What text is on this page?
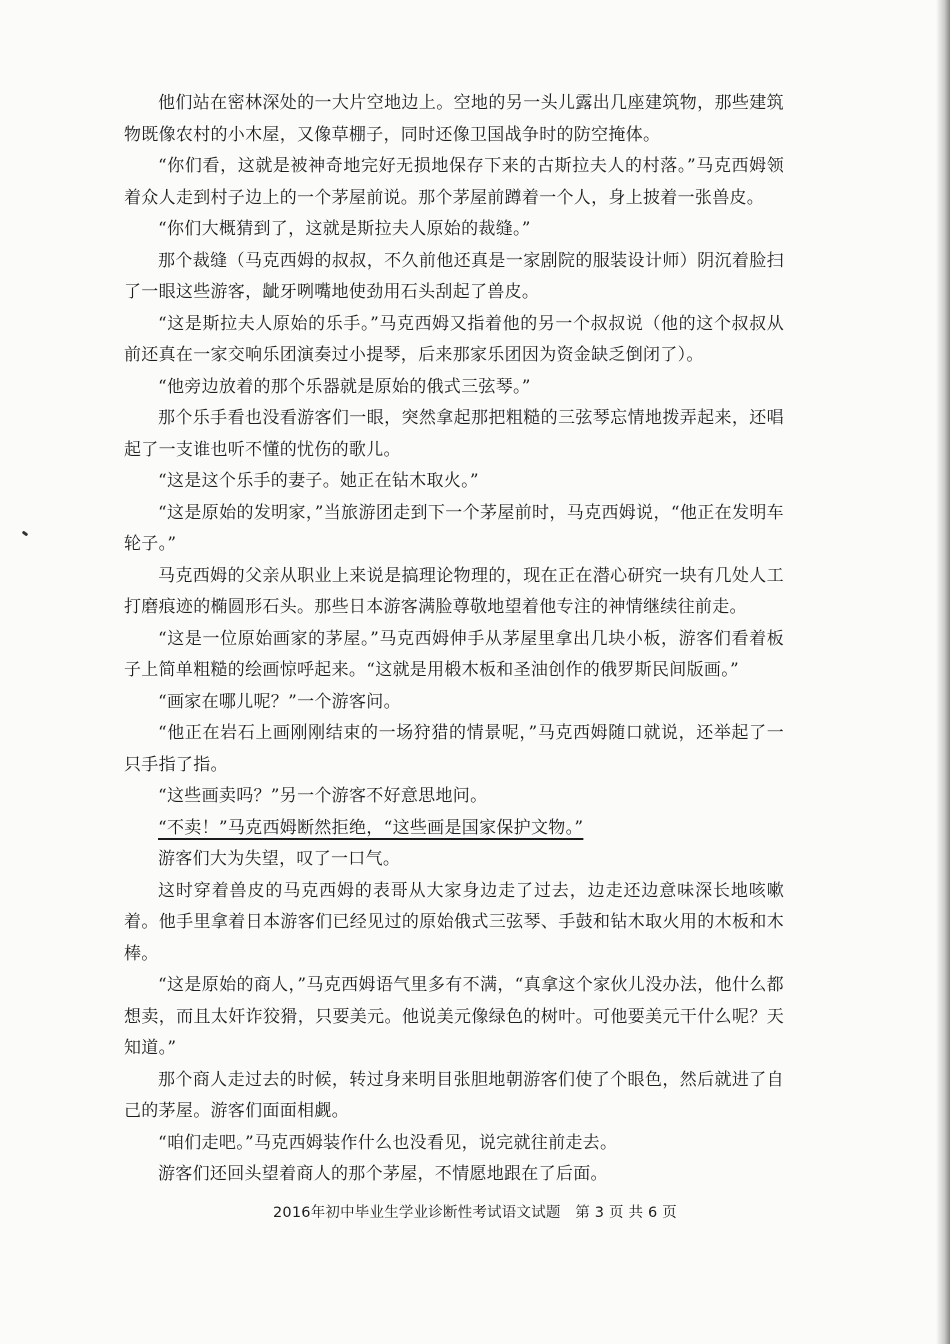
他们站在密林深处的一大片空地边上。空地的另一头儿露出几座建筑物，那些建筑物既像农村的小木屋，又像草棚子，同时还像卫国战争时的防空掩体。

“你们看，这就是被神奇地完好无损地保存下来的古斯拉夫人的村落。”马克西姆领着众人走到村子边上的一个茅屋前说。那个茅屋前蹲着一个人，身上披着一张兽皮。

“你们大概猜到了，这就是斯拉夫人原始的裁缝。”

那个裁缝（马克西姆的叔叔，不久前他还真是一家剧院的服装设计师）阴沉着脸扫了一眼这些游客，龇牙咧嘴地使劲用石头刮起了兽皮。

“这是斯拉夫人原始的乐手。”马克西姆又指着他的另一个叔叔说（他的这个叔叔从前还真在一家交响乐团演奏过小提琴，后来那家乐团因为资金缺乏倒闭了）。

“他旁边放着的那个乐器就是原始的俄式三弦琴。”

那个乐手看也没看游客们一眼，突然拿起那把粗糙的三弦琴忘情地拨弄起来，还唱起了一支谁也听不懂的忧伤的歌儿。

“这是这个乐手的妻子。她正在钻木取火。”

“这是原始的发明家，”当旅游团走到下一个茅屋前时，马克西姆说，“他正在发明车轮子。”

马克西姆的父亲从职业上来说是搞理论物理的，现在正在潜心研究一块有几处人工打磨痕迹的椭圆形石头。那些日本游客满脸尊敬地望着他专注的神情继续往前走。

“这是一位原始画家的茅屋。”马克西姆伸手从茅屋里拿出几块小板，游客们看着板子上简单粗糙的绘画惊呼起来。“这就是用椴木板和圣油创作的俄罗斯民间版画。”

“画家在哪儿呢？”一个游客问。

“他正在岩石上画刚刚结束的一场狩猎的情景呢，”马克西姆随口就说，还举起了一只手指了指。

“这些画卖吗？”另一个游客不好意思地问。

“不卖！”马克西姆断然拒绝，“这些画是国家保护文物。”

游客们大为失望，叹了一口气。

这时穿着兽皮的马克西姆的表哥从大家身边走了过去，边走还边意味深长地咳嗽着。他手里拿着日本游客们已经见过的原始俄式三弦琴、手鼓和钻木取火用的木板和木棒。

“这是原始的商人，”马克西姆语气里多有不满，“真拿这个家伙儿没办法，他什么都想卖，而且太奸诈狡猾，只要美元。他说美元像绿色的树叶。可他要美元干什么呢？天知道。”

那个商人走过去的时候，转过身来明目张胆地朝游客们使了个眼色，然后就进了自己的茅屋。游客们面面相觑。

“咱们走吧。”马克西姆装作什么也没看见，说完就往前走去。

游客们还回头望着商人的那个茅屋，不情愿地跟在了后面。

2016年初中毕业生学业诊断性考试语文试题　第 3 页 共 6 页
